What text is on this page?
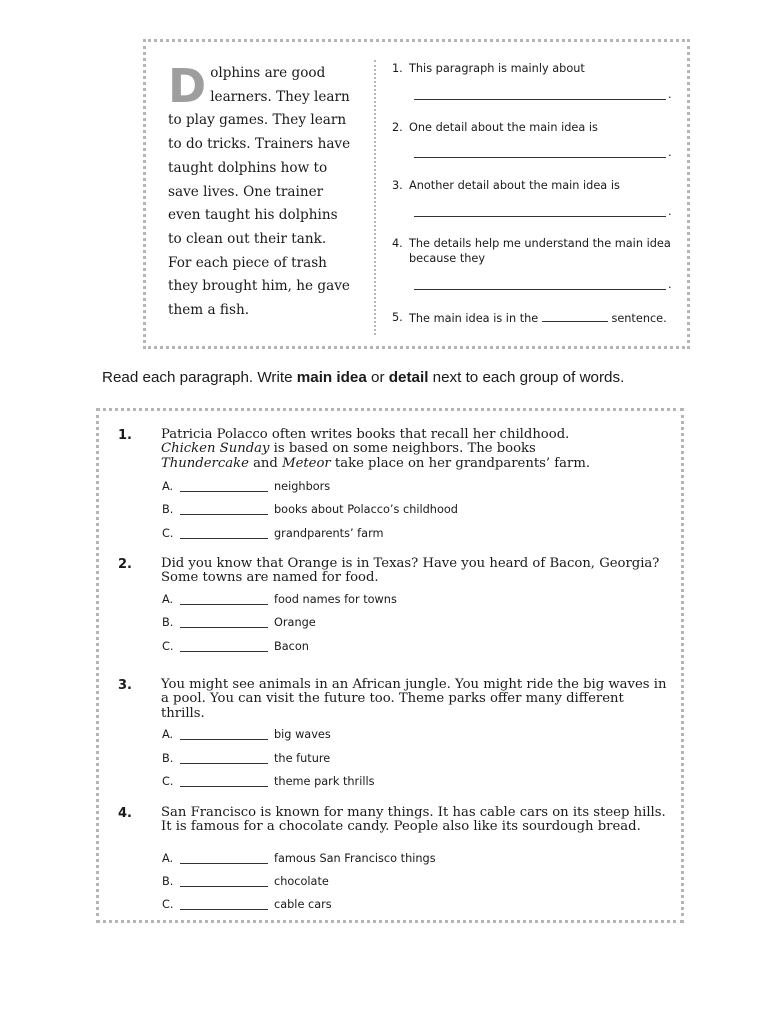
D olphins are good
learners. They learn
to play games. They learn
to do tricks. Trainers have
taught dolphins how to
save lives. One trainer
even taught his dolphins
to clean out their tank.
For each piece of trash
they brought him, he gave
them a fish.
1. This paragraph is mainly about
.
2. One detail about the main idea is
.
3. Another detail about the main idea is
.
4. The details help me understand the main idea because they
.
5. The main idea is in the	sentence.
Read each paragraph. Write main idea or detail next to each group of words.
1. Patricia Polacco often writes books that recall her childhood.
Chicken Sunday is based on some neighbors. The books
Thundercake and Meteor take place on her grandparents’ farm.
A.	neighbors
B.	books about Polacco’s childhood
C.	grandparents’ farm
2. Did you know that Orange is in Texas? Have you heard of Bacon, Georgia? Some towns are named for food.
A.	food names for towns
B.	Orange
C.	Bacon
3. You might see animals in an African jungle. You might ride the big waves in a pool. You can visit the future too. Theme parks offer many different thrills.
A.	big waves
B.	the future
C.	theme park thrills
4. San Francisco is known for many things. It has cable cars on its steep hills. It is famous for a chocolate candy. People also like its sourdough bread.
A.	famous San Francisco things
B.	chocolate
C.	cable cars
